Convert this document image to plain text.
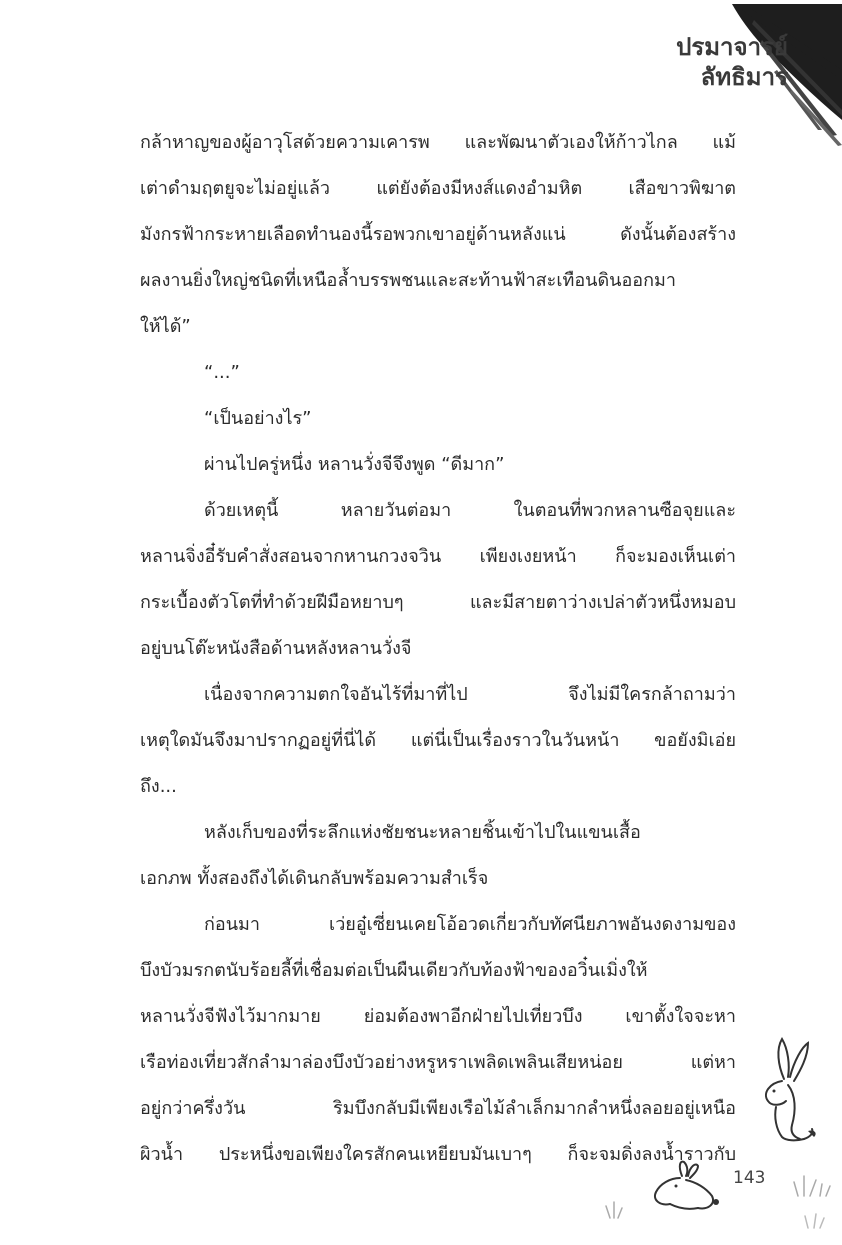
ปรมาจารย์
ลัทธิมาร
กล้าหาญของผู้อาวุโสด้วยความเคารพ และพัฒนาตัวเองให้ก้าวไกล แม้
เต่าดำมฤตยูจะไม่อยู่แล้ว แต่ยังต้องมีหงส์แดงอำมหิต เสือขาวพิฆาต
มังกรฟ้ากระหายเลือดทำนองนี้รอพวกเขาอยู่ด้านหลังแน่ ดังนั้นต้องสร้าง
ผลงานยิ่งใหญ่ชนิดที่เหนือล้ำบรรพชนและสะท้านฟ้าสะเทือนดินออกมา
ให้ได้”
“...”
“เป็นอย่างไร”
ผ่านไปครู่หนึ่ง หลานวั่งจีจึงพูด “ดีมาก”
ด้วยเหตุนี้ หลายวันต่อมา ในตอนที่พวกหลานซือจุยและ
หลานจิ่งอี๋รับคำสั่งสอนจากหานกวงจวิน เพียงเงยหน้า ก็จะมองเห็นเต่า
กระเบื้องตัวโตที่ทำด้วยฝีมือหยาบๆ และมีสายตาว่างเปล่าตัวหนึ่งหมอบ
อยู่บนโต๊ะหนังสือด้านหลังหลานวั่งจี
เนื่องจากความตกใจอันไร้ที่มาที่ไป จึงไม่มีใครกล้าถามว่า
เหตุใดมันจึงมาปรากฏอยู่ที่นี่ได้ แต่นี่เป็นเรื่องราวในวันหน้า ขอยังมิเอ่ย
ถึง...
หลังเก็บของที่ระลึกแห่งชัยชนะหลายชิ้นเข้าไปในแขนเสื้อ
เอกภพ ทั้งสองถึงได้เดินกลับพร้อมความสำเร็จ
ก่อนมา เว่ยอู๋เซี่ยนเคยโอ้อวดเกี่ยวกับทัศนียภาพอันงดงามของ
บึงบัวมรกตนับร้อยลี้ที่เชื่อมต่อเป็นผืนเดียวกับท้องฟ้าของอวิ๋นเมิ่งให้
หลานวั่งจีฟังไว้มากมาย ย่อมต้องพาอีกฝ่ายไปเที่ยวบึง เขาตั้งใจจะหา
เรือท่องเที่ยวสักลำมาล่องบึงบัวอย่างหรูหราเพลิดเพลินเสียหน่อย แต่หา
อยู่กว่าครึ่งวัน ริมบึงกลับมีเพียงเรือไม้ลำเล็กมากลำหนึ่งลอยอยู่เหนือ
ผิวน้ำ ประหนึ่งขอเพียงใครสักคนเหยียบมันเบาๆ ก็จะจมดิ่งลงน้ำราวกับ
143
